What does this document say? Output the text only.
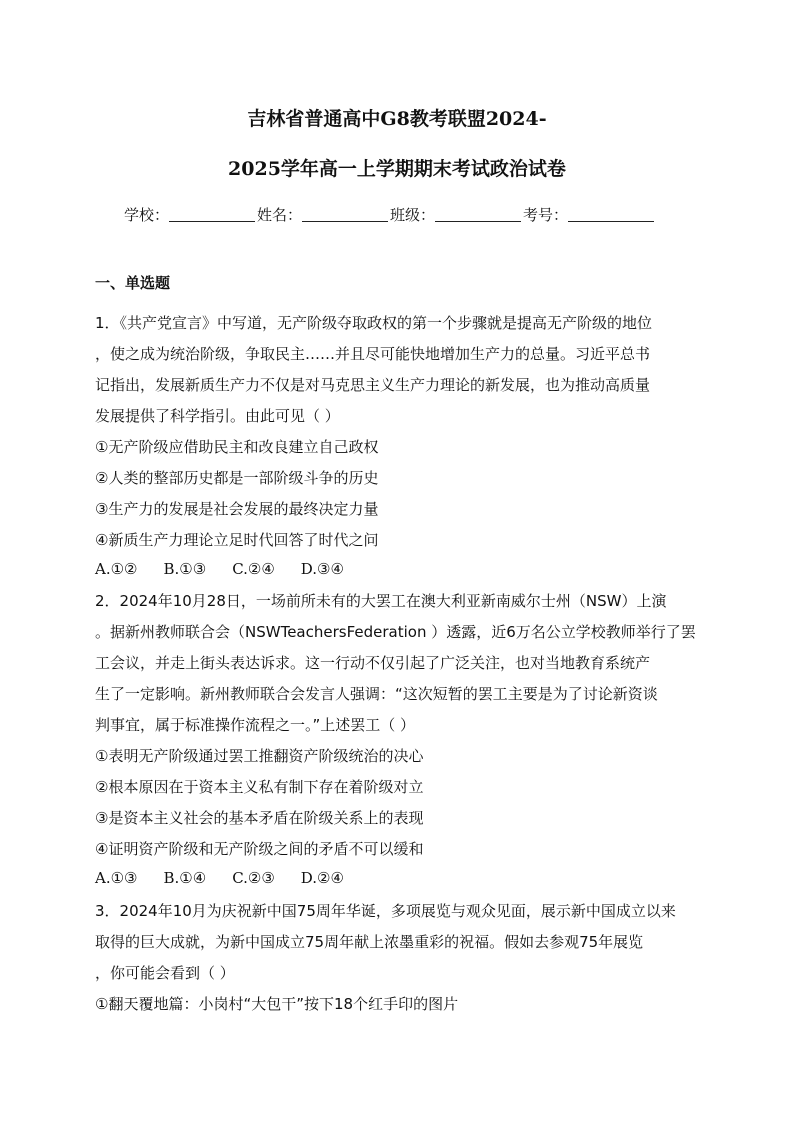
吉林省普通高中G8教考联盟2024-
2025学年高一上学期期末考试政治试卷
学校：	姓名：	班级：	考号：
一、单选题
1．《共产党宣言》中写道，无产阶级夺取政权的第一个步骤就是提高无产阶级的地位
，使之成为统治阶级，争取民主……并且尽可能快地增加生产力的总量。习近平总书
记指出，发展新质生产力不仅是对马克思主义生产力理论的新发展，也为推动高质量
发展提供了科学指引。由此可见（ ）
①无产阶级应借助民主和改良建立自己政权
②人类的整部历史都是一部阶级斗争的历史
③生产力的发展是社会发展的最终决定力量
④新质生产力理论立足时代回答了时代之问
A.①② B.①③ C.②④ D.③④
2．2024年10月28日，一场前所未有的大罢工在澳大利亚新南威尔士州（NSW）上演
。据新州教师联合会（NSWTeachersFederation ）透露，近6万名公立学校教师举行了罢
工会议，并走上街头表达诉求。这一行动不仅引起了广泛关注，也对当地教育系统产
生了一定影响。新州教师联合会发言人强调：“这次短暂的罢工主要是为了讨论新资谈
判事宜，属于标准操作流程之一。”上述罢工（ ）
①表明无产阶级通过罢工推翻资产阶级统治的决心
②根本原因在于资本主义私有制下存在着阶级对立
③是资本主义社会的基本矛盾在阶级关系上的表现
④证明资产阶级和无产阶级之间的矛盾不可以缓和
A.①③ B.①④ C.②③ D.②④
3．2024年10月为庆祝新中国75周年华诞，多项展览与观众见面，展示新中国成立以来
取得的巨大成就，为新中国成立75周年献上浓墨重彩的祝福。假如去参观75年展览
，你可能会看到（ ）
①翻天覆地篇：小岗村“大包干”按下18个红手印的图片
